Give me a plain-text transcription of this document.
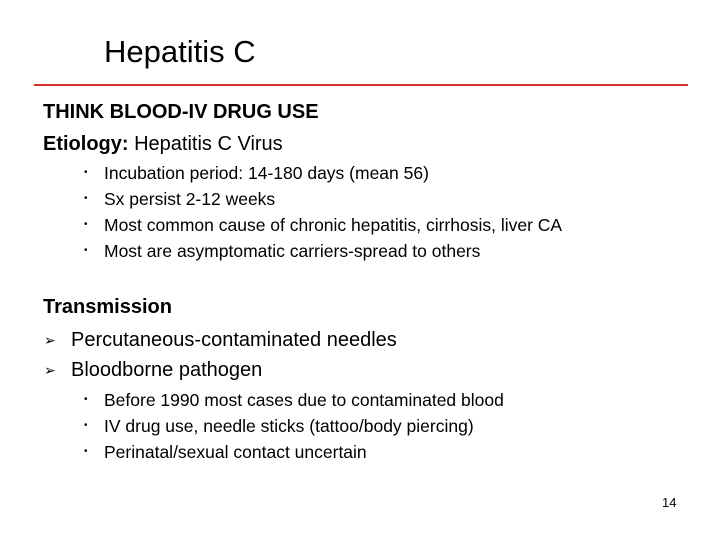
Hepatitis C
THINK BLOOD-IV DRUG USE
Etiology: Hepatitis C Virus
• Incubation period: 14-180 days (mean 56)
• Sx persist 2-12 weeks
• Most common cause of chronic hepatitis, cirrhosis, liver CA
• Most are asymptomatic carriers-spread to others
Transmission
➢ Percutaneous-contaminated needles
➢ Bloodborne pathogen
• Before 1990 most cases due to contaminated blood
• IV drug use, needle sticks (tattoo/body piercing)
• Perinatal/sexual contact uncertain
14
